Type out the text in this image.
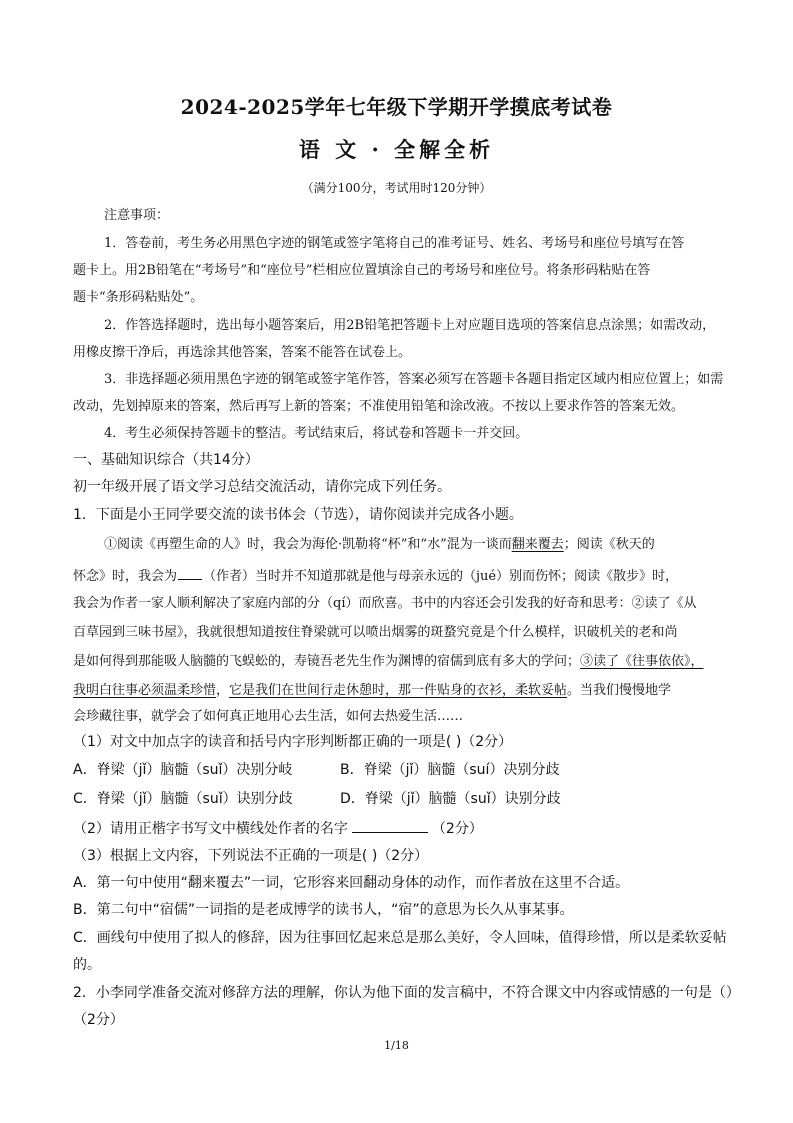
2024-2025学年七年级下学期开学摸底考试卷
语 文 · 全解全析
（满分100分，考试用时120分钟）
注意事项：
1．答卷前，考生务必用黑色字迹的钢笔或签字笔将自己的准考证号、姓名、考场号和座位号填写在答
题卡上。用2B铅笔在“考场号”和“座位号”栏相应位置填涂自己的考场号和座位号。将条形码粘贴在答
题卡“条形码粘贴处”。
2．作答选择题时，选出每小题答案后，用2B铅笔把答题卡上对应题目选项的答案信息点涂黑；如需改动，
用橡皮擦干净后，再选涂其他答案，答案不能答在试卷上。
3．非选择题必须用黑色字迹的钢笔或签字笔作答，答案必须写在答题卡各题目指定区域内相应位置上；如需
改动，先划掉原来的答案，然后再写上新的答案；不准使用铅笔和涂改液。不按以上要求作答的答案无效。
4．考生必须保持答题卡的整洁。考试结束后，将试卷和答题卡一并交回。
一、基础知识综合（共14分）
初一年级开展了语文学习总结交流活动，请你完成下列任务。
1．下面是小王同学要交流的读书体会（节选），请你阅读并完成各小题。
①阅读《再塑生命的人》时，我会为海伦·凯勒将“杯”和“水”混为一谈而翻来覆去；阅读《秋天的
怀念》时，我会为 （作者）当时并不知道那就是他与母亲永远的（jué）别而伤怀；阅读《散步》时，
我会为作者一家人顺利解决了家庭内部的分（qí）而欣喜。书中的内容还会引发我的好奇和思考：②读了《从
百草园到三味书屋》，我就很想知道按住脊梁就可以喷出烟雾的斑蝥究竟是个什么模样，识破机关的老和尚
是如何得到那能吸人脑髓的飞蜈蚣的，寿镜吾老先生作为渊博的宿儒到底有多大的学问；③读了《往事依依》，
我明白往事必须温柔珍惜，它是我们在世间行走休憩时，那一件贴身的衣衫，柔软妥帖。当我们慢慢地学
会珍藏往事，就学会了如何真正地用心去生活，如何去热爱生活……
（1）对文中加点字的读音和括号内字形判断都正确的一项是( )（2分）
A．脊梁（jǐ）脑髓（suǐ）决别分岐	B．脊梁（jǐ）脑髓（suí）决别分歧
C．脊梁（jǐ）脑髓（suǐ）诀别分歧	D．脊梁（jǐ）脑髓（suǐ）诀别分歧
（2）请用正楷字书写文中横线处作者的名字	（2分）
（3）根据上文内容，下列说法不正确的一项是( )（2分）
A．第一句中使用“翻来覆去”一词，它形容来回翻动身体的动作，而作者放在这里不合适。
B．第二句中“宿儒”一词指的是老成博学的读书人，“宿”的意思为长久从事某事。
C．画线句中使用了拟人的修辞，因为往事回忆起来总是那么美好，令人回味，值得珍惜，所以是柔软妥帖
的。
2．小李同学准备交流对修辞方法的理解，你认为他下面的发言稿中，不符合课文中内容或情感的一句是（）
（2分）
1/18
